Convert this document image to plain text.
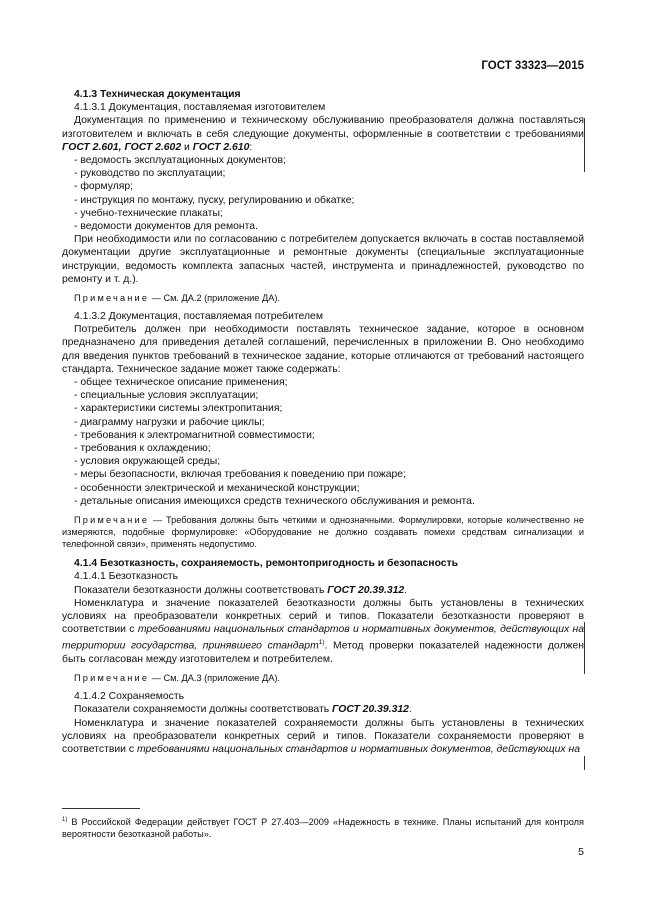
ГОСТ 33323—2015

4.1.3 Техническая документация

4.1.3.1 Документация, поставляемая изготовителем

Документация по применению и техническому обслуживанию преобразователя должна поставляться изготовителем и включать в себя следующие документы, оформленные в соответствии с требованиями ГОСТ 2.601, ГОСТ 2.602 и ГОСТ 2.610:

- ведомость эксплуатационных документов;
- руководство по эксплуатации;
- формуляр;
- инструкция по монтажу, пуску, регулированию и обкатке;
- учебно-технические плакаты;
- ведомости документов для ремонта.

При необходимости или по согласованию с потребителем допускается включать в состав поставляемой документации другие эксплуатационные и ремонтные документы (специальные эксплуатационные инструкции, ведомость комплекта запасных частей, инструмента и принадлежностей, руководство по ремонту и т. д.).

Примечание — См. ДА.2 (приложение ДА).

4.1.3.2 Документация, поставляемая потребителем

Потребитель должен при необходимости поставлять техническое задание, которое в основном предназначено для приведения деталей соглашений, перечисленных в приложении В. Оно необходимо для введения пунктов требований в техническое задание, которые отличаются от требований настоящего стандарта. Техническое задание может также содержать:

- общее техническое описание применения;
- специальные условия эксплуатации;
- характеристики системы электропитания;
- диаграмму нагрузки и рабочие циклы;
- требования к электромагнитной совместимости;
- требования к охлаждению;
- условия окружающей среды;
- меры безопасности, включая требования к поведению при пожаре;
- особенности электрической и механической конструкции;
- детальные описания имеющихся средств технического обслуживания и ремонта.

Примечание — Требования должны быть четкими и однозначными. Формулировки, которые количественно не измеряются, подобные формулировке: «Оборудование не должно создавать помехи средствам сигнализации и телефонной связи», применять недопустимо.

4.1.4 Безотказность, сохраняемость, ремонтопригодность и безопасность

4.1.4.1 Безотказность

Показатели безотказности должны соответствовать ГОСТ 20.39.312.

Номенклатура и значение показателей безотказности должны быть установлены в технических условиях на преобразователи конкретных серий и типов. Показатели безотказности проверяют в соответствии с требованиями национальных стандартов и нормативных документов, действующих на территории государства, принявшего стандарт$^{1)}$. Метод проверки показателей надежности должен быть согласован между изготовителем и потребителем.

Примечание — См. ДА.3 (приложение ДА).

4.1.4.2 Сохраняемость

Показатели сохраняемости должны соответствовать ГОСТ 20.39.312.

Номенклатура и значение показателей сохраняемости должны быть установлены в технических условиях на преобразователи конкретных серий и типов. Показатели сохраняемости проверяют в соответствии с требованиями национальных стандартов и нормативных документов, действующих на

$^{1)}$ В Российской Федерации действует ГОСТ Р 27.403—2009 «Надежность в технике. Планы испытаний для контроля вероятности безотказной работы».

5
